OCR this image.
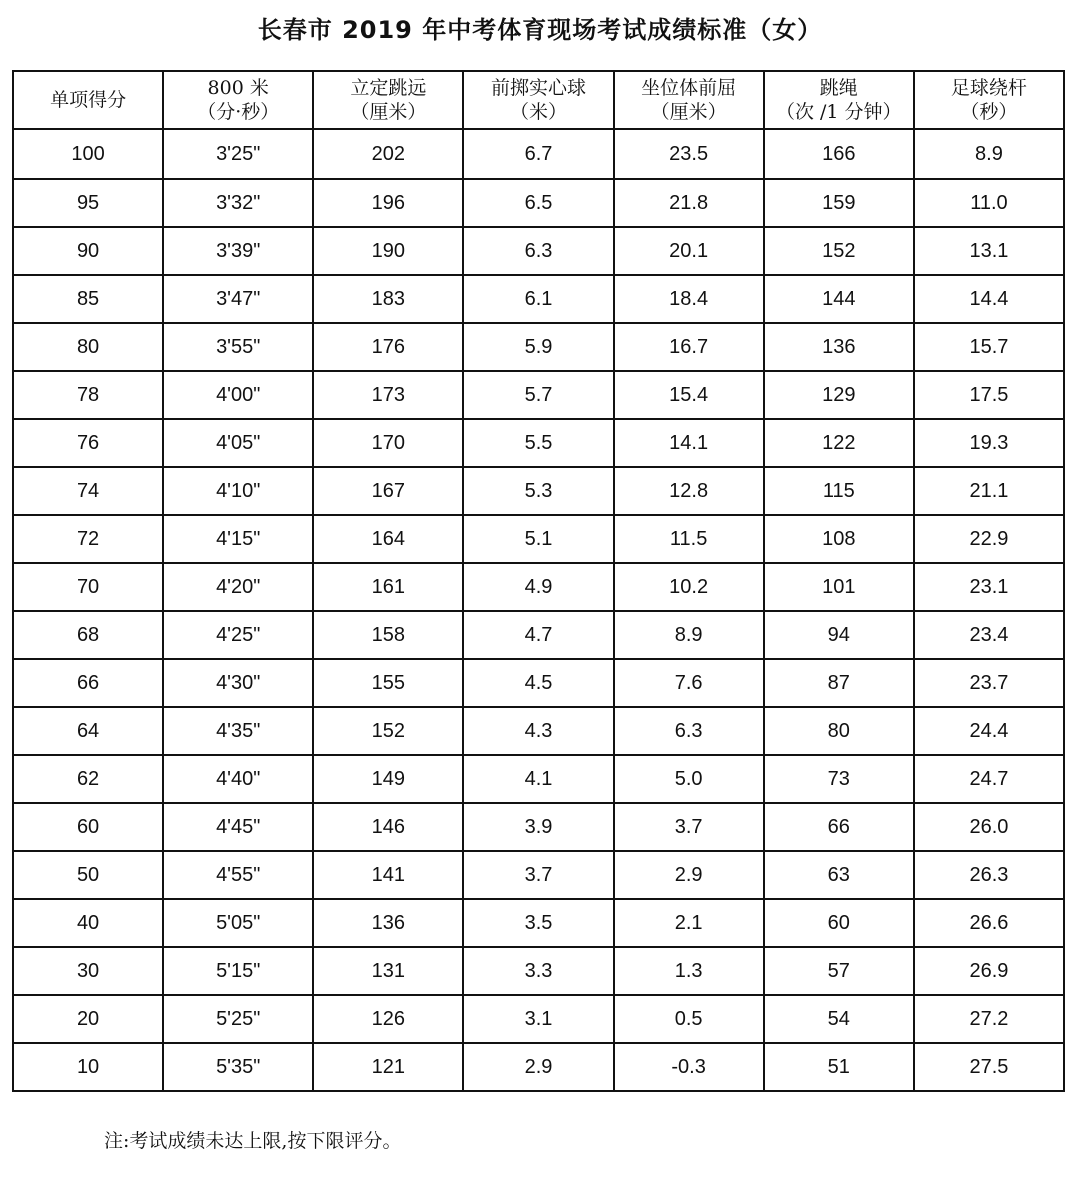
长春市 2019 年中考体育现场考试成绩标准（女）
单项得分	800 米
（分·秒）	立定跳远
（厘米）	前掷实心球
（米）	坐位体前屈
（厘米）	跳绳
（次 /1 分钟）	足球绕杆
（秒）

100	3'25"	202	6.7	23.5	166	8.9
95	3'32"	196	6.5	21.8	159	11.0
90	3'39"	190	6.3	20.1	152	13.1
85	3'47"	183	6.1	18.4	144	14.4
80	3'55"	176	5.9	16.7	136	15.7
78	4'00"	173	5.7	15.4	129	17.5
76	4'05"	170	5.5	14.1	122	19.3
74	4'10"	167	5.3	12.8	115	21.1
72	4'15"	164	5.1	11.5	108	22.9
70	4'20"	161	4.9	10.2	101	23.1
68	4'25"	158	4.7	8.9	94	23.4
66	4'30"	155	4.5	7.6	87	23.7
64	4'35"	152	4.3	6.3	80	24.4
62	4'40"	149	4.1	5.0	73	24.7
60	4'45"	146	3.9	3.7	66	26.0
50	4'55"	141	3.7	2.9	63	26.3
40	5'05"	136	3.5	2.1	60	26.6
30	5'15"	131	3.3	1.3	57	26.9
20	5'25"	126	3.1	0.5	54	27.2
10	5'35"	121	2.9	-0.3	51	27.5
注:考试成绩未达上限,按下限评分。
